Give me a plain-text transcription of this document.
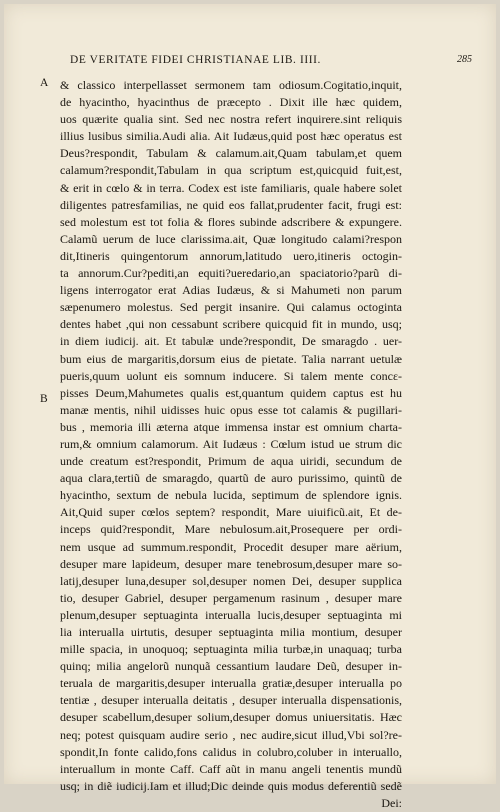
DE VERITATE FIDEI CHRISTIANAE LIB. IIII.	285
A
B
& classico interpellasset sermonem tam odiosum.Cogitatio,inquit,
de hyacintho, hyacinthus de præcepto . Dixit ille hæc quidem,
uos quærite qualia sint. Sed nec nostra refert inquirere.sint reliquis
illius lusibus similia.Audi alia. Ait Iudæus,quid post hæc operatus est
Deus?respondit, Tabulam & calamum.ait,Quam tabulam,et quem
calamum?respondit,Tabulam in qua scriptum est,quicquid fuit,est,
& erit in cœlo & in terra. Codex est iste familiaris, quale habere solet
diligentes patresfamilias, ne quid eos fallat,prudenter facit, frugi est:
sed molestum est tot folia & flores subinde adscribere & expungere.
Calamũ uerum de luce clarissima.ait, Quæ longitudo calami?respon
dit,Itineris quingentorum annorum,latitudo uero,itineris octogin-
ta annorum.Cur?pediti,an equiti?ueredario,an spaciatorio?parũ di-
ligens interrogator erat Adias Iudæus, & si Mahumeti non parum
sæpenumero molestus. Sed pergit insanire. Qui calamus octoginta
dentes habet ,qui non cessabunt scribere quicquid fit in mundo, usq;
in diem iudicij. ait. Et tabulæ unde?respondit, De smaragdo . uer-
bum eius de margaritis,dorsum eius de pietate. Talia narrant uetulæ
pueris,quum uolunt eis somnum inducere. Si talem mente concε-
pisses Deum,Mahumetes qualis est,quantum quidem captus est hu
manæ mentis, nihil uidisses huic opus esse tot calamis & pugillari-
bus , memoria illi æterna atque immensa instar est omnium charta-
rum,& omnium calamorum. Ait Iudæus : Cœlum istud ue strum dic
unde creatum est?respondit, Primum de aqua uiridi, secundum de
aqua clara,tertiũ de smaragdo, quartũ de auro purissimo, quintũ de
hyacintho, sextum de nebula lucida, septimum de splendore ignis.
Ait,Quid super cœlos septem? respondit, Mare uiuificũ.ait, Et de-
inceps quid?respondit, Mare nebulosum.ait,Prosequere per ordi-
nem usque ad summum.respondit, Procedit desuper mare aërium,
desuper mare lapideum, desuper mare tenebrosum,desuper mare so-
latij,desuper luna,desuper sol,desuper nomen Dei, desuper supplica
tio, desuper Gabriel, desuper pergamenum rasinum , desuper mare
plenum,desuper septuaginta interualla lucis,desuper septuaginta mi
lia interualla uirtutis, desuper septuaginta milia montium, desuper
mille spacia, in unoquoq; septuaginta milia turbæ,in unaquaq; turba
quinq; milia angelorũ nunquã cessantium laudare Deũ, desuper in-
teruala de margaritis,desuper interualla gratiæ,desuper interualla po
tentiæ , desuper interualla deitatis , desuper interualla dispensationis,
desuper scabellum,desuper solium,desuper domus uniuersitatis. Hæc
neq; potest quisquam audire serio , nec audire,sicut illud,Vbi sol?re-
spondit,In fonte calido,fons calidus in colubro,coluber in interuallo,
interuallum in monte Caff. Caff aũt in manu angeli tenentis mundũ
usq; in diẽ iudicij.Iam et illud;Dic deinde quis modus deferentiũ sedẽ
Dei:
